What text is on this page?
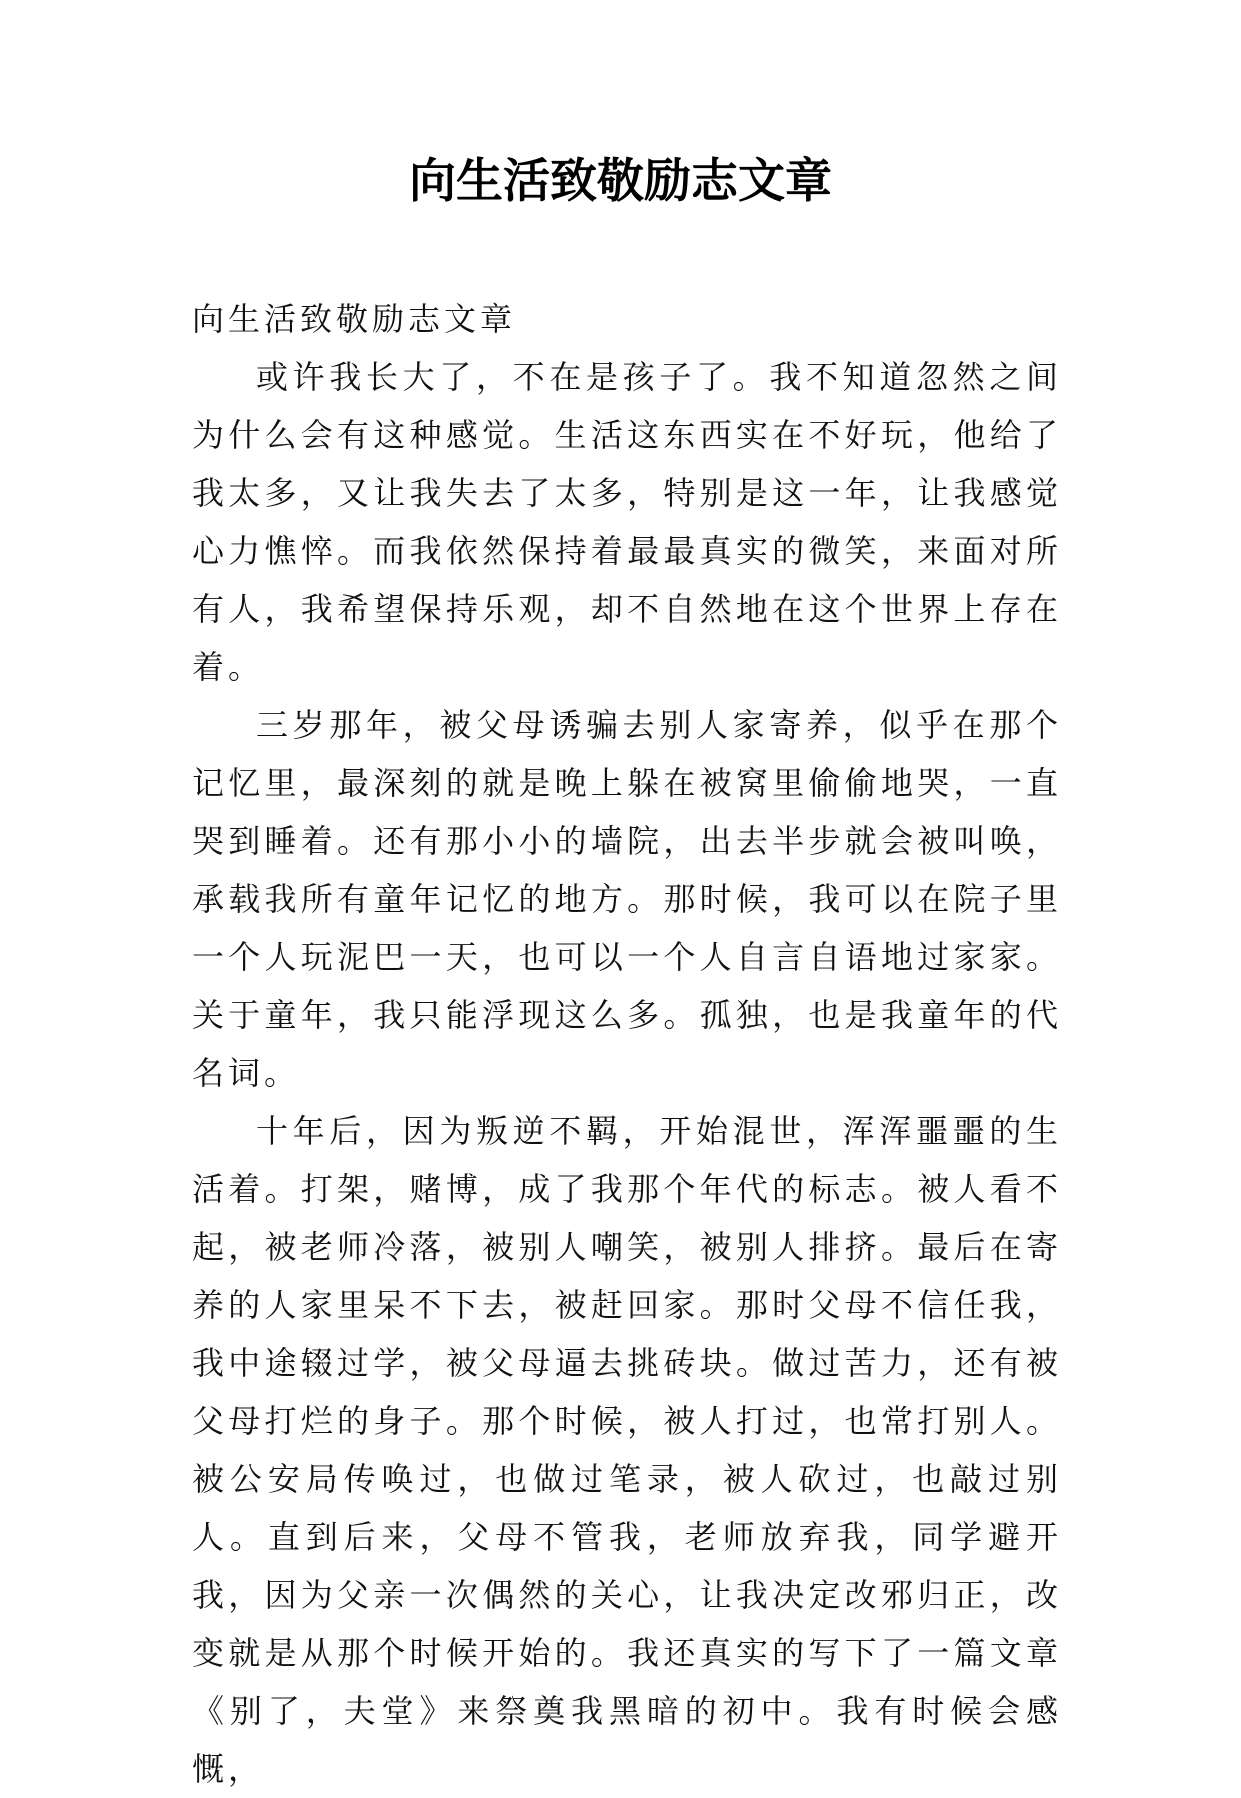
向生活致敬励志文章

向生活致敬励志文章

或许我长大了，不在是孩子了。我不知道忽然之间为什么会有这种感觉。生活这东西实在不好玩，他给了我太多，又让我失去了太多，特别是这一年，让我感觉心力憔悴。而我依然保持着最最真实的微笑，来面对所有人，我希望保持乐观，却不自然地在这个世界上存在着。

三岁那年，被父母诱骗去别人家寄养，似乎在那个记忆里，最深刻的就是晚上躲在被窝里偷偷地哭，一直哭到睡着。还有那小小的墙院，出去半步就会被叫唤，承载我所有童年记忆的地方。那时候，我可以在院子里一个人玩泥巴一天，也可以一个人自言自语地过家家。关于童年，我只能浮现这么多。孤独，也是我童年的代名词。

十年后，因为叛逆不羁，开始混世，浑浑噩噩的生活着。打架，赌博，成了我那个年代的标志。被人看不起，被老师冷落，被别人嘲笑，被别人排挤。最后在寄养的人家里呆不下去，被赶回家。那时父母不信任我，我中途辍过学，被父母逼去挑砖块。做过苦力，还有被父母打烂的身子。那个时候，被人打过，也常打别人。被公安局传唤过，也做过笔录，被人砍过，也敲过别人。直到后来，父母不管我，老师放弃我，同学避开我，因为父亲一次偶然的关心，让我决定改邪归正，改变就是从那个时候开始的。我还真实的写下了一篇文章《别了，夫堂》来祭奠我黑暗的初中。我有时候会感慨，
